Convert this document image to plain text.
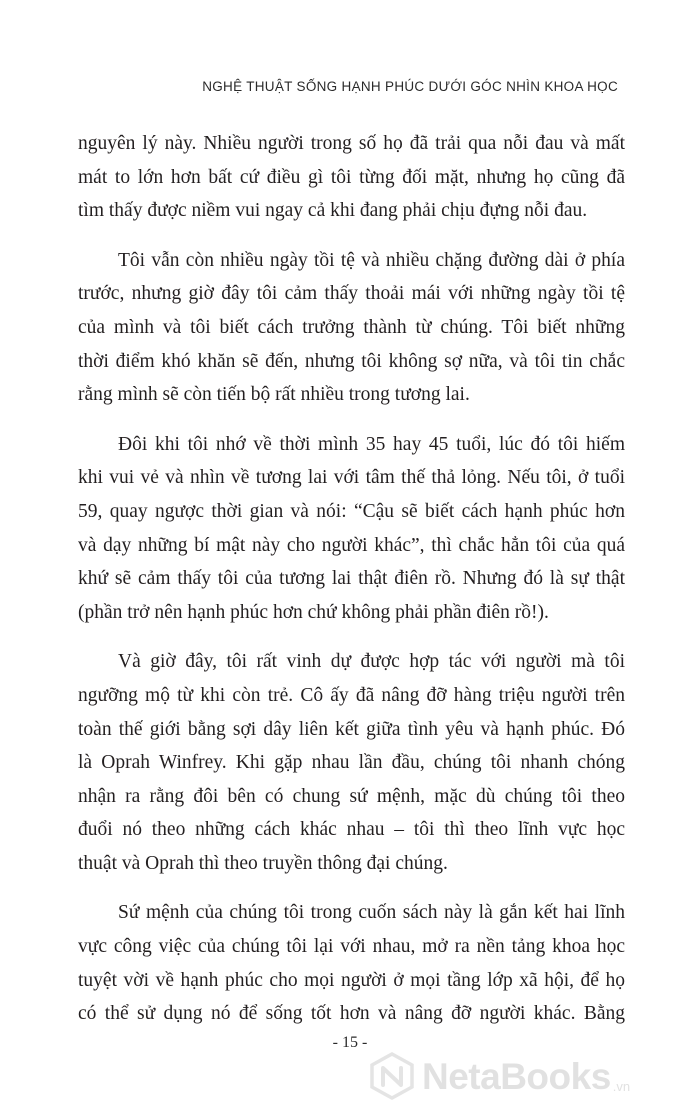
NGHỆ THUẬT SỐNG HẠNH PHÚC DƯỚI GÓC NHÌN KHOA HỌC

nguyên lý này. Nhiều người trong số họ đã trải qua nỗi đau và mất
mát to lớn hơn bất cứ điều gì tôi từng đối mặt, nhưng họ cũng đã
tìm thấy được niềm vui ngay cả khi đang phải chịu đựng nỗi đau.

Tôi vẫn còn nhiều ngày tồi tệ và nhiều chặng đường dài ở phía
trước, nhưng giờ đây tôi cảm thấy thoải mái với những ngày tồi tệ
của mình và tôi biết cách trưởng thành từ chúng. Tôi biết những
thời điểm khó khăn sẽ đến, nhưng tôi không sợ nữa, và tôi tin chắc
rằng mình sẽ còn tiến bộ rất nhiều trong tương lai.

Đôi khi tôi nhớ về thời mình 35 hay 45 tuổi, lúc đó tôi hiếm
khi vui vẻ và nhìn về tương lai với tâm thế thả lỏng. Nếu tôi, ở tuổi
59, quay ngược thời gian và nói: “Cậu sẽ biết cách hạnh phúc hơn
và dạy những bí mật này cho người khác”, thì chắc hẳn tôi của quá
khứ sẽ cảm thấy tôi của tương lai thật điên rồ. Nhưng đó là sự thật
(phần trở nên hạnh phúc hơn chứ không phải phần điên rồ!).

Và giờ đây, tôi rất vinh dự được hợp tác với người mà tôi
ngưỡng mộ từ khi còn trẻ. Cô ấy đã nâng đỡ hàng triệu người trên
toàn thế giới bằng sợi dây liên kết giữa tình yêu và hạnh phúc. Đó
là Oprah Winfrey. Khi gặp nhau lần đầu, chúng tôi nhanh chóng
nhận ra rằng đôi bên có chung sứ mệnh, mặc dù chúng tôi theo
đuổi nó theo những cách khác nhau – tôi thì theo lĩnh vực học
thuật và Oprah thì theo truyền thông đại chúng.

Sứ mệnh của chúng tôi trong cuốn sách này là gắn kết hai lĩnh
vực công việc của chúng tôi lại với nhau, mở ra nền tảng khoa học
tuyệt vời về hạnh phúc cho mọi người ở mọi tầng lớp xã hội, để họ
có thể sử dụng nó để sống tốt hơn và nâng đỡ người khác. Bằng

- 15 -
NetaBooks .vn
